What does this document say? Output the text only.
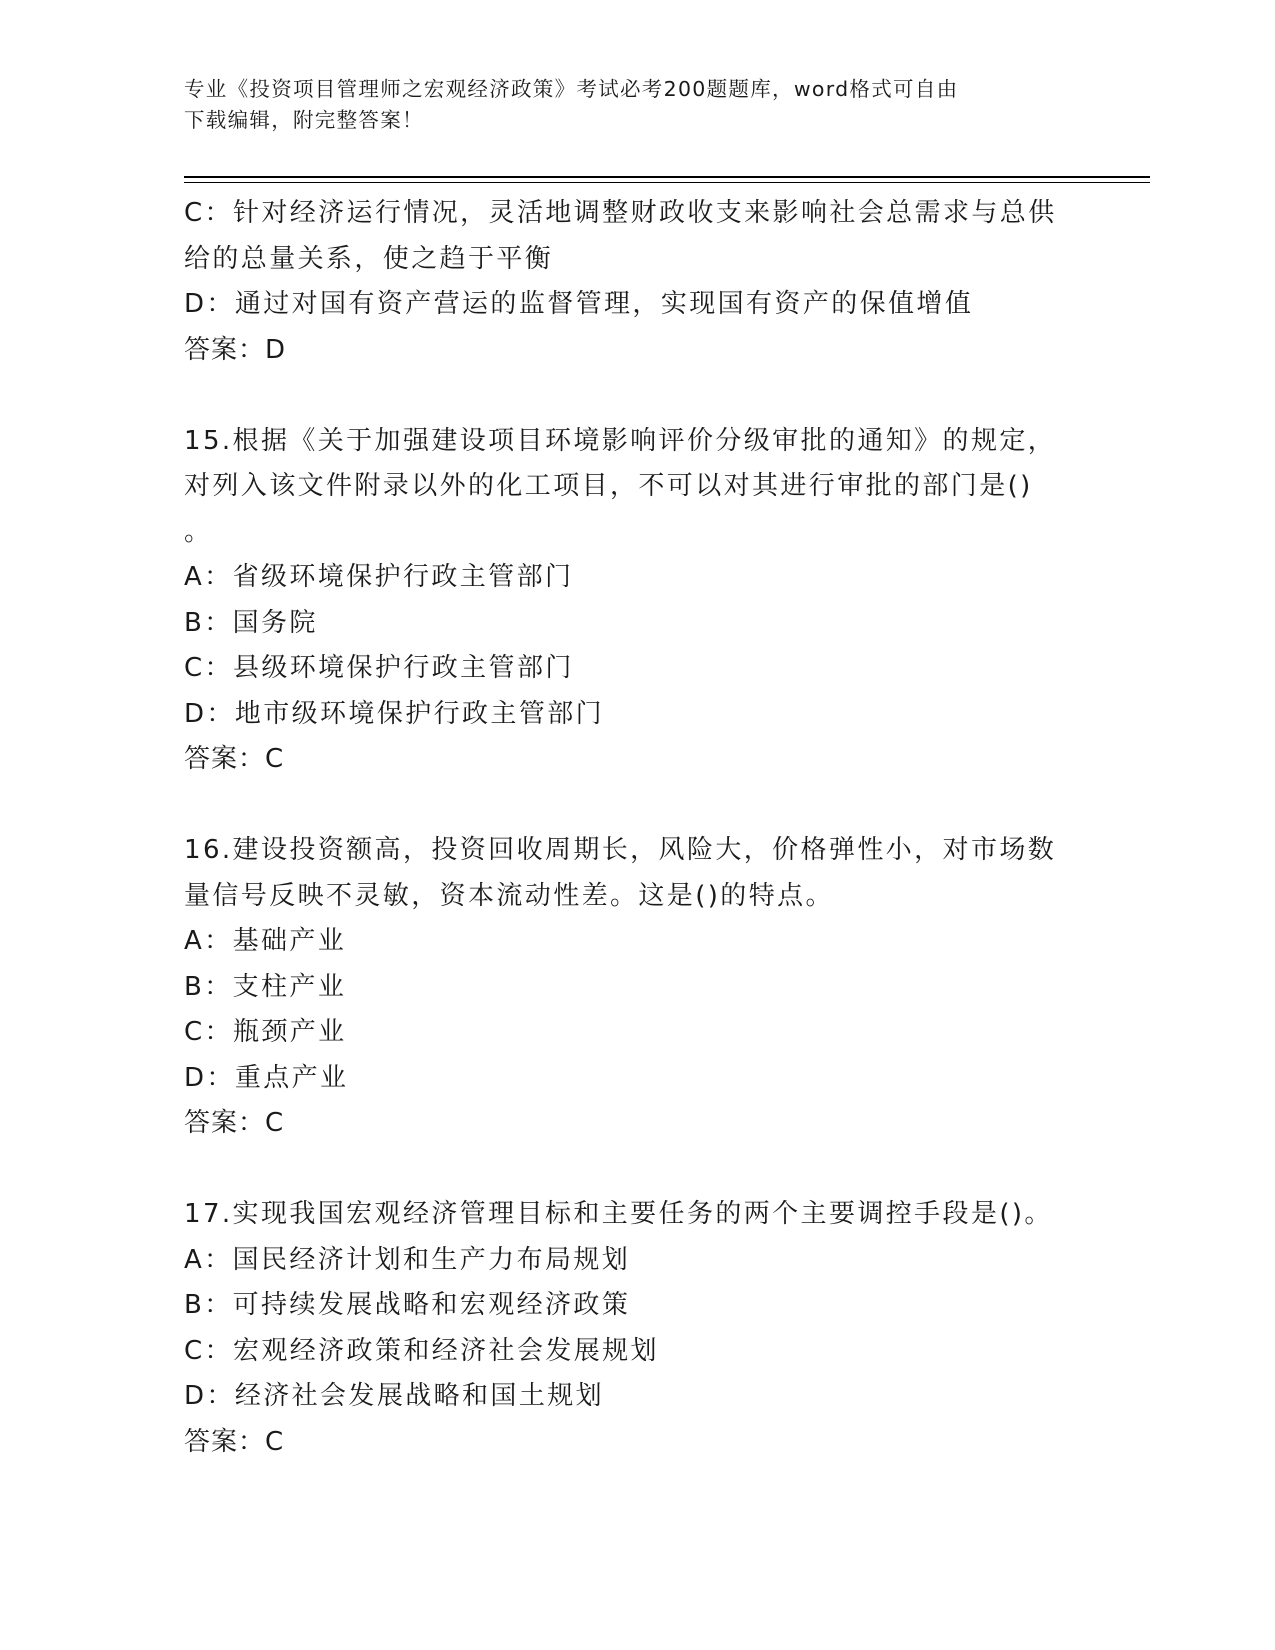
专业《投资项目管理师之宏观经济政策》考试必考200题题库，word格式可自由
下载编辑，附完整答案！

C：针对经济运行情况，灵活地调整财政收支来影响社会总需求与总供

给的总量关系，使之趋于平衡

D：通过对国有资产营运的监督管理，实现国有资产的保值增值

答案：D

15.根据《关于加强建设项目环境影响评价分级审批的通知》的规定，

对列入该文件附录以外的化工项目，不可以对其进行审批的部门是()

。

A：省级环境保护行政主管部门

B：国务院

C：县级环境保护行政主管部门

D：地市级环境保护行政主管部门

答案：C

16.建设投资额高，投资回收周期长，风险大，价格弹性小，对市场数

量信号反映不灵敏，资本流动性差。这是()的特点。

A：基础产业

B：支柱产业

C：瓶颈产业

D：重点产业

答案：C

17.实现我国宏观经济管理目标和主要任务的两个主要调控手段是()。

A：国民经济计划和生产力布局规划

B：可持续发展战略和宏观经济政策

C：宏观经济政策和经济社会发展规划

D：经济社会发展战略和国土规划

答案：C
